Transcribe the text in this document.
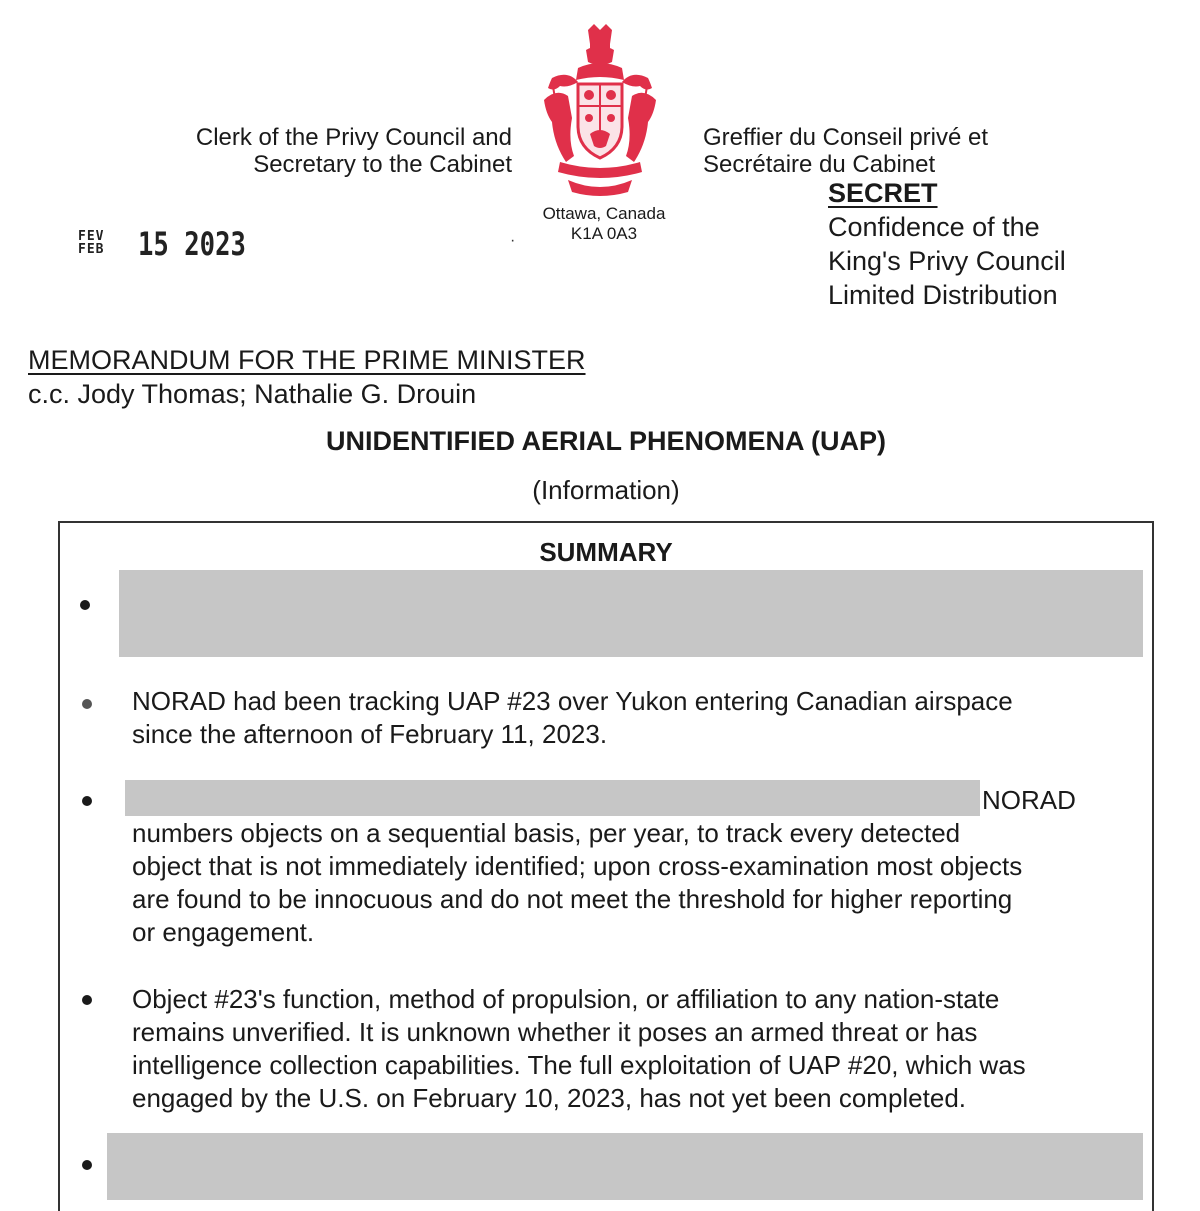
Clerk of the Privy Council and
Secretary to the Cabinet
Greffier du Conseil privé et
Secrétaire du Cabinet
Ottawa, Canada
K1A 0A3
·
FEV
FEB	15 2023
SECRET
Confidence of the
King's Privy Council
Limited Distribution
MEMORANDUM FOR THE PRIME MINISTER
c.c. Jody Thomas; Nathalie G. Drouin
UNIDENTIFIED AERIAL PHENOMENA (UAP)
(Information)
SUMMARY
NORAD had been tracking UAP #23 over Yukon entering Canadian airspace
since the afternoon of February 11, 2023.
NORAD
numbers objects on a sequential basis, per year, to track every detected
object that is not immediately identified; upon cross-examination most objects
are found to be innocuous and do not meet the threshold for higher reporting
or engagement.
Object #23's function, method of propulsion, or affiliation to any nation-state
remains unverified. It is unknown whether it poses an armed threat or has
intelligence collection capabilities. The full exploitation of UAP #20, which was
engaged by the U.S. on February 10, 2023, has not yet been completed.
